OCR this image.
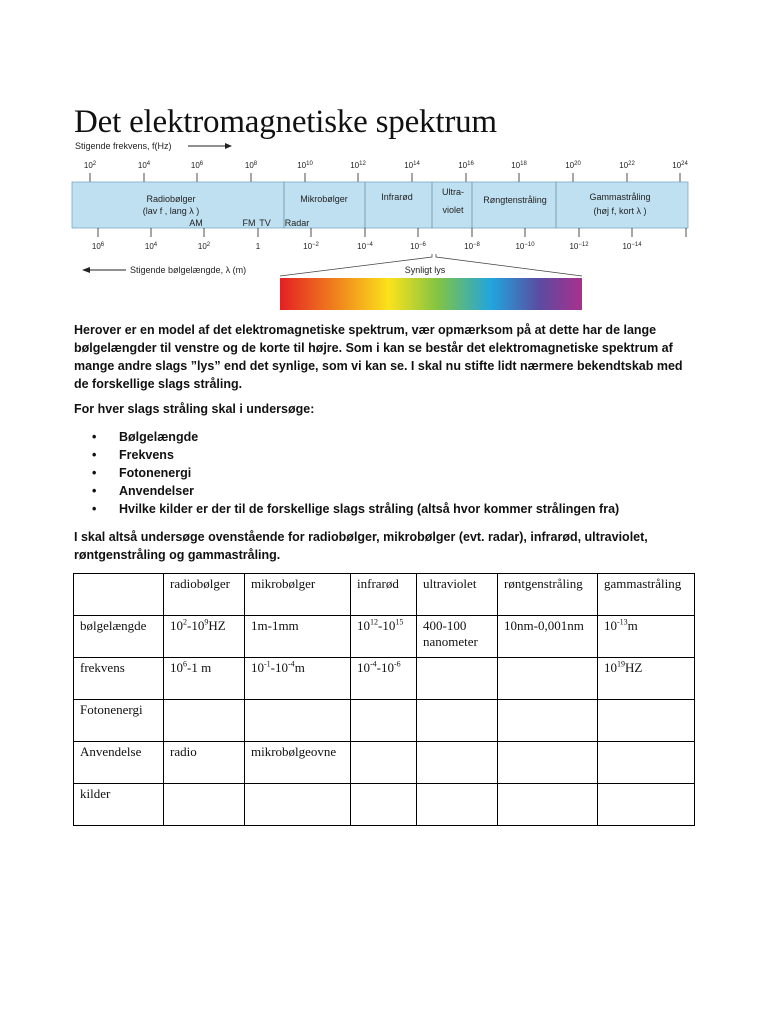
Det elektromagnetiske spektrum
Stigende frekvens, f(Hz)
$10^2$	$10^4$	$10^6$	$10^8$	$10^{10}$	$10^{12}$	$10^{14}$	$10^{16}$	$10^{18}$	$10^{20}$	$10^{22}$	$10^{24}$
Radiobølger
(lav f , lang λ )
Mikrobølger	Infrarød	Ultra-
violet
Røngtenstråling	Gammastråling
(høj f, kort λ )
AM	FM TV Radar
$10^6$	$10^4$	$10^2$	1	$10^{-2}$	$10^{-4}$	$10^{-6}$	$10^{-8}$	$10^{-10}$	$10^{-12}$	$10^{-14}$
Stigende bølgelængde, λ (m)	Synligt lys

Herover er en model af det elektromagnetiske spektrum, vær opmærksom på at dette har de lange bølgelængder til venstre og de korte til højre. Som i kan se består det elektromagnetiske spektrum af mange andre slags ”lys” end det synlige, som vi kan se. I skal nu stifte lidt nærmere bekendtskab med de forskellige slags stråling.

For hver slags stråling skal i undersøge:

• Bølgelængde
• Frekvens
• Fotonenergi
• Anvendelser
• Hvilke kilder er der til de forskellige slags stråling (altså hvor kommer strålingen fra)

I skal altså undersøge ovenstående for radiobølger, mikrobølger (evt. radar), infrarød, ultraviolet, røntgenstråling og gammastråling.

	radiobølger	mikrobølger	infrarød	ultraviolet	røntgenstråling	gammastråling
bølgelængde	$10^2-10^9HZ$	1m-1mm	$10^{12}-10^{15}$	400-100 nanometer	10nm-0,001nm	$10^{-13}m$
frekvens	$10^6-1$ m	$10^{-1}-10^{-4}m$	$10^{-4}-10^{-6}$			$10^{19}HZ$
Fotonenergi						
Anvendelse	radio	mikrobølgeovne				
kilder						
